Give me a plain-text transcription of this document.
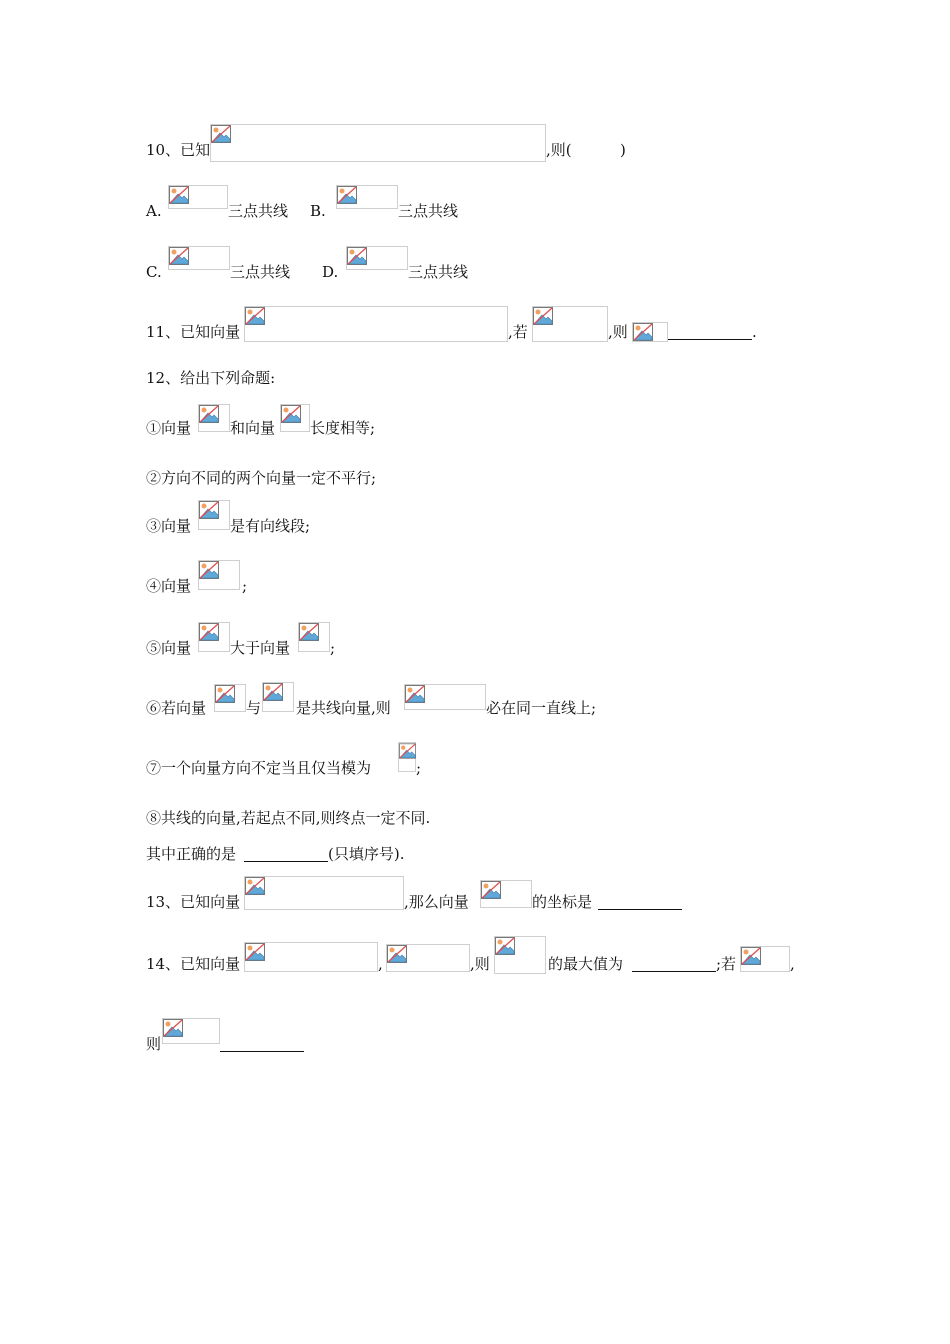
10、已知	,则(	)
A.	三点共线 B.	三点共线
C.	三点共线 D.	三点共线
11、已知向量	,若	,则	.
12、给出下列命题:
①向量	和向量 长度相等;
②方向不同的两个向量一定不平行;
③向量	是有向线段;
④向量	;
⑤向量	大于向量	;
⑥若向量	与 是共线向量,则	必在同一直线上;
⑦一个向量方向不定当且仅当模为	;
⑧共线的向量,若起点不同,则终点一定不同.
其中正确的是	(只填序号).
13、已知向量	,那么向量	的坐标是
14、已知向量	,	,则	的最大值为	;若	,
则
